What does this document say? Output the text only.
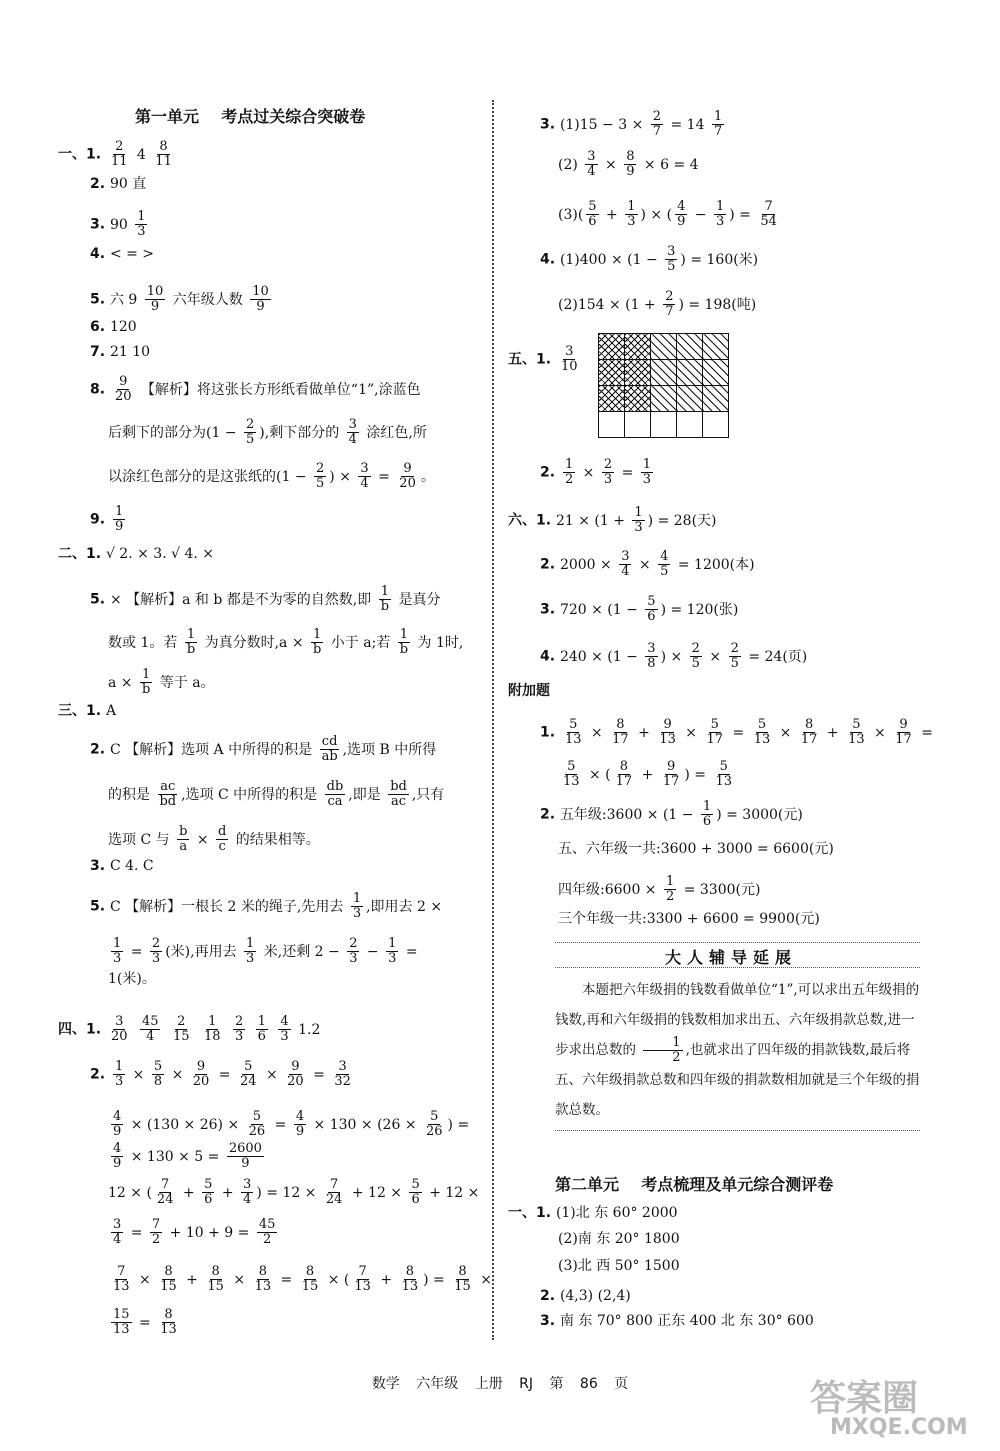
第一单元    考点过关综合突破卷
一、1. $\frac{2}{11} 4 \frac{8}{11}$
2. 90 直
3. $90 \frac{1}{3}$
4. < = >
5. 六 $9 \frac{10}{9}$ 六年级人数 $\frac{10}{9}$
6. 120
7. 21 10
8. $\frac{9}{20}$ 【解析】将这张长方形纸看做单位“1”,涂蓝色
后剩下的部分为($1 - \frac{2}{5}$ ),剩下部分的 $\frac{3}{4}$ 涂红色,所
以涂红色部分的是这张纸的($1 - \frac{2}{5}$ ) × $\frac{3}{4} = \frac{9}{20}$ 。
9. $\frac{1}{9}$
二、1. √ 2. × 3. √ 4. ×
5. × 【解析】a 和 b 都是不为零的自然数,即 $\frac{1}{b}$ 是真分
数或 1。若 $\frac{1}{b}$ 为真分数时$,a \times \frac{1}{b}$ 小于 a;若 $\frac{1}{b}$ 为 1时,
$a \times \frac{1}{b}$ 等于 a。
三、1. A
2. C 【解析】选项 A 中所得的积是 $\frac{cd}{ab}$ ,选项 B 中所得
的积是 $\frac{ac}{bd}$ ,选项 C 中所得的积是 $\frac{db}{ca}$ ,即是 $\frac{bd}{ac}$ ,只有
选项 C 与 $\frac{b}{a} \times \frac{d}{c}$ 的结果相等。
3. C 4. C
5. C 【解析】一根长 2 米的绳子,先用去 $\frac{1}{3}$ ,即用去 2 ×
$\frac{1}{3} = \frac{2}{3}$ (米),再用去 $\frac{1}{3}$ 米,还剩 $2 - \frac{2}{3} - \frac{1}{3}$ =
1(米)。
四、1. $\frac{3}{20}$
$\frac{45}{4}$
$\frac{2}{15}$
$\frac{1}{18}$
$\frac{2}{3}$
$\frac{1}{6}$
$\frac{4}{3} 1.2$
2. $\frac{1}{3} \times \frac{5}{8} \times \frac{9}{20} = \frac{5}{24} \times \frac{9}{20} = \frac{3}{32}$
$\frac{4}{9} \times (130 \times 26) \times \frac{5}{26} = \frac{4}{9} \times 130 \times (26 \times \frac{5}{26}$ ) =
$\frac{4}{9} \times 130 \times 5 = \frac{2600}{9}$
12 × ( $\frac{7}{24} + \frac{5}{6} + \frac{3}{4}$ ) = $12 \times \frac{7}{24} + 12 \times \frac{5}{6} + 12$ ×
$\frac{3}{4} = \frac{7}{2} + 10 + 9 = \frac{45}{2}$
$\frac{7}{13} \times \frac{8}{15} + \frac{8}{15} \times \frac{8}{13} = \frac{8}{15}$ × ( $\frac{7}{13} + \frac{8}{13}$ ) = $\frac{8}{15}$ ×
$\frac{15}{13} = \frac{8}{13}$

3. $(1)15 - 3 \times \frac{2}{7} = 14 \frac{1}{7}$
$(2) \frac{3}{4} \times \frac{8}{9} \times 6 = 4$
$(3)( \frac{5}{6} + \frac{1}{3}$ ) × ( $\frac{4}{9} - \frac{1}{3}$ ) = $\frac{7}{54}$
4. $(1)400 \times (1 - \frac{3}{5}$ ) = 160(米)
$(2)154 \times (1 + \frac{2}{7}$ ) = 198(吨)
五、1. $\frac{3}{10}$
2. $\frac{1}{2} \times \frac{2}{3} = \frac{1}{3}$
六、1. $21 \times (1 + \frac{1}{3}$ ) = 28(天)
2. $2000 \times \frac{3}{4} \times \frac{4}{5} = 1200$(本)
3. $720 \times (1 - \frac{5}{6}$ ) = 120(张)
4. $240 \times (1 - \frac{3}{8}$ ) × $\frac{2}{5} \times \frac{2}{5} = 24$(页)
附加题
1. $\frac{5}{13} \times \frac{8}{17} + \frac{9}{13} \times \frac{5}{17} = \frac{5}{13} \times \frac{8}{17} + \frac{5}{13} \times \frac{9}{17}$ =
$\frac{5}{13}$ × ( $\frac{8}{17} + \frac{9}{17}$ ) = $\frac{5}{13}$
2. 五年级:3600 × ($1 - \frac{1}{6}$ ) = 3000(元)
五、六年级一共:3600 + 3000 = 6600(元)
四年级:6600 × $\frac{1}{2} = 3300$(元)
三个年级一共:3300 + 6600 = 9900(元)
大人辅导延展
本题把六年级捐的钱数看做单位“1”,可以求出五年级捐的钱数,再和六年级捐的钱数相加求出五、六年级捐款总数,进一步求出总数的 $\frac{1}{2}$ ,也就求出了四年级的捐款钱数,最后将五、六年级捐款总数和四年级的捐款数相加就是三个年级的捐款总数。
第二单元    考点梳理及单元综合测评卷
一、1. (1)北 东 60° 2000
(2)南 东 20° 1800
(3)北 西 50° 1500
2. (4,3) (2,4)
3. 南 东 70° 800 正东 400 北 东 30° 600
数学 六年级 上册 RJ 第 86 页	答案圈
MXQE.COM
